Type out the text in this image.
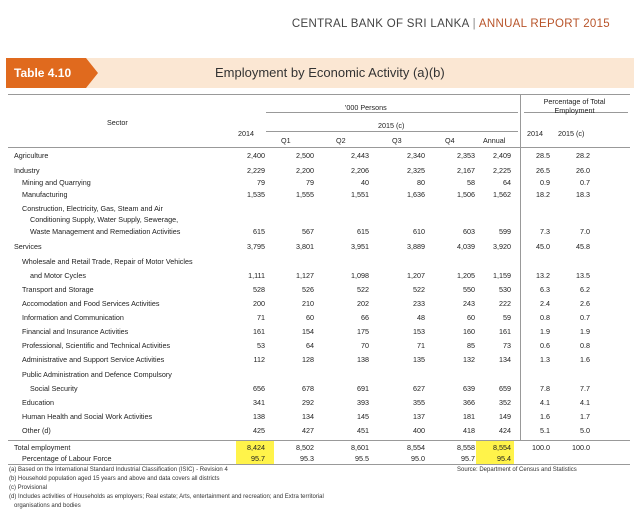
CENTRAL BANK OF SRI LANKA | ANNUAL REPORT 2015
Table 4.10	Employment by Economic Activity (a)(b)
Sector
'000 Persons
Percentage of Total Employment
2014
2015 (c)
Q1	Q2	Q3	Q4	Annual
2014 2015 (c)
Agriculture	2,400	2,500	2,443	2,340	2,353	2,409	28.5	28.2
Industry	2,229	2,200	2,206	2,325	2,167	2,225	26.5	26.0
Mining and Quarrying	79	79	40	80	58	64	0.9	0.7
Manufacturing	1,535	1,555	1,551	1,636	1,506	1,562	18.2	18.3
Construction, Electricity, Gas, Steam and Air
Conditioning Supply, Water Supply, Sewerage,
Waste Management and Remediation Activities	615	567	615	610	603	599	7.3	7.0
Services	3,795	3,801	3,951	3,889	4,039	3,920	45.0	45.8
Wholesale and Retail Trade, Repair of Motor Vehicles
and Motor Cycles	1,111	1,127	1,098	1,207	1,205	1,159	13.2	13.5
Transport and Storage	528	526	522	522	550	530	6.3	6.2
Accomodation and Food Services Activities	200	210	202	233	243	222	2.4	2.6
Information and Communication	71	60	66	48	60	59	0.8	0.7
Financial and Insurance Activities	161	154	175	153	160	161	1.9	1.9
Professional, Scientific and Technical Activities	53	64	70	71	85	73	0.6	0.8
Administrative and Support Service Activities	112	128	138	135	132	134	1.3	1.6
Public Administration and Defence Compulsory
Social Security	656	678	691	627	639	659	7.8	7.7
Education	341	292	393	355	366	352	4.1	4.1
Human Health and Social Work Activities	138	134	145	137	181	149	1.6	1.7
Other (d)	425	427	451	400	418	424	5.1	5.0
Total employment	8,424	8,502	8,601	8,554	8,558	8,554	100.0	100.0
Percentage of Labour Force	95.7	95.3	95.5	95.0	95.7	95.4
(a) Based on the International Standard Industrial Classification (ISIC) - Revision 4
(b) Household population aged 15 years and above and data covers all districts
(c) Provisional
(d) Includes activities of Households as employers; Real estate; Arts, entertainment and recreation; and Extra territorial
organisations and bodies
Source: Department of Census and Statistics
